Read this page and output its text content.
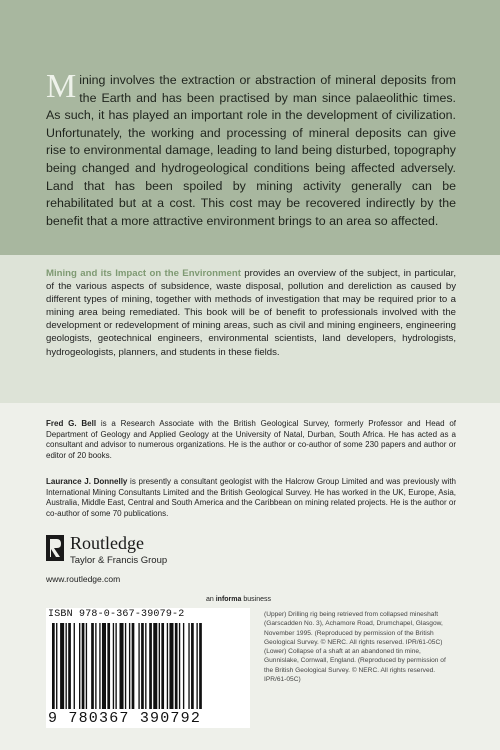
Mining involves the extraction or abstraction of mineral deposits from the Earth and has been practised by man since palaeolithic times. As such, it has played an important role in the development of civilization. Unfortunately, the working and processing of mineral deposits can give rise to environmental damage, leading to land being disturbed, topography being changed and hydrogeological conditions being affected adversely. Land that has been spoiled by mining activity generally can be rehabilitated but at a cost. This cost may be recovered indirectly by the benefit that a more attractive environment brings to an area so affected.

Mining and its Impact on the Environment provides an overview of the subject, in particular, of the various aspects of subsidence, waste disposal, pollution and dereliction as caused by different types of mining, together with methods of investigation that may be required prior to a mining area being remediated. This book will be of benefit to professionals involved with the development or redevelopment of mining areas, such as civil and mining engineers, engineering geologists, geotechnical engineers, environmental scientists, land developers, hydrologists, hydrogeologists, planners, and students in these fields.

Fred G. Bell is a Research Associate with the British Geological Survey, formerly Professor and Head of Department of Geology and Applied Geology at the University of Natal, Durban, South Africa. He has acted as a consultant and advisor to numerous organizations. He is the author or co-author of some 230 papers and author or editor of 20 books.

Laurance J. Donnelly is presently a consultant geologist with the Halcrow Group Limited and was previously with International Mining Consultants Limited and the British Geological Survey. He has worked in the UK, Europe, Asia, Australia, Middle East, Central and South America and the Caribbean on mining related projects. He is the author or co-author of some 70 publications.

Routledge
Taylor & Francis Group
www.routledge.com
an informa business
ISBN 978-0-367-39079-2
9 780367 390792

(Upper) Drilling rig being retrieved from collapsed mineshaft (Garscadden No. 3), Achamore Road, Drumchapel, Glasgow, November 1995. (Reproduced by permission of the British Geological Survey. © NERC. All rights reserved. IPR/61-05C) (Lower) Collapse of a shaft at an abandoned tin mine, Gunnislake, Cornwall, England. (Reproduced by permission of the British Geological Survey. © NERC. All rights reserved. IPR/61-05C)
